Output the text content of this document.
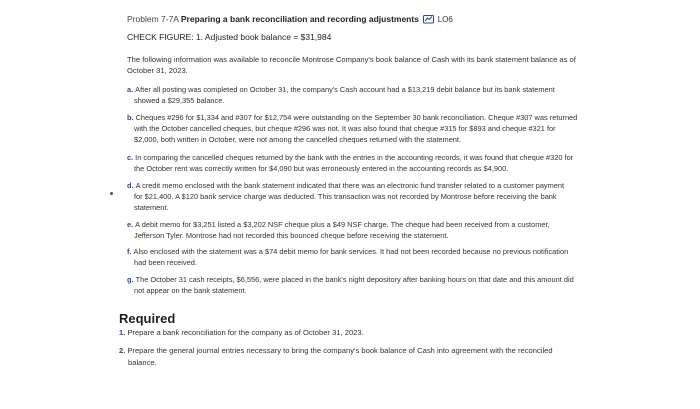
Problem 7-7A Preparing a bank reconciliation and recording adjustments LO6
CHECK FIGURE: 1. Adjusted book balance = $31,984
The following information was available to reconcile Montrose Company's book balance of Cash with its bank statement balance as of October 31, 2023.
a. After all posting was completed on October 31, the company's Cash account had a $13,219 debit balance but its bank statement
showed a $29,355 balance.
b. Cheques #296 for $1,334 and #307 for $12,754 were outstanding on the September 30 bank reconciliation. Cheque #307 was returned
with the October cancelled cheques, but cheque #296 was not. It was also found that cheque #315 for $893 and cheque #321 for
$2,000, both written in October, were not among the cancelled cheques returned with the statement.
c. In comparing the cancelled cheques returned by the bank with the entries in the accounting records, it was found that cheque #320 for
the October rent was correctly written for $4,090 but was erroneously entered in the accounting records as $4,900.
d. A credit memo enclosed with the bank statement indicated that there was an electronic fund transfer related to a customer payment
for $21,400. A $120 bank service charge was deducted. This transaction was not recorded by Montrose before receiving the bank
statement.
e. A debit memo for $3,251 listed a $3,202 NSF cheque plus a $49 NSF charge. The cheque had been received from a customer,
Jefferson Tyler. Montrose had not recorded this bounced cheque before receiving the statement.
f. Also enclosed with the statement was a $74 debit memo for bank services. It had not been recorded because no previous notification
had been received.
g. The October 31 cash receipts, $6,556, were placed in the bank's night depository after banking hours on that date and this amount did
not appear on the bank statement.
Required
1. Prepare a bank reconciliation for the company as of October 31, 2023.
2. Prepare the general journal entries necessary to bring the company's book balance of Cash into agreement with the reconciled
balance.
